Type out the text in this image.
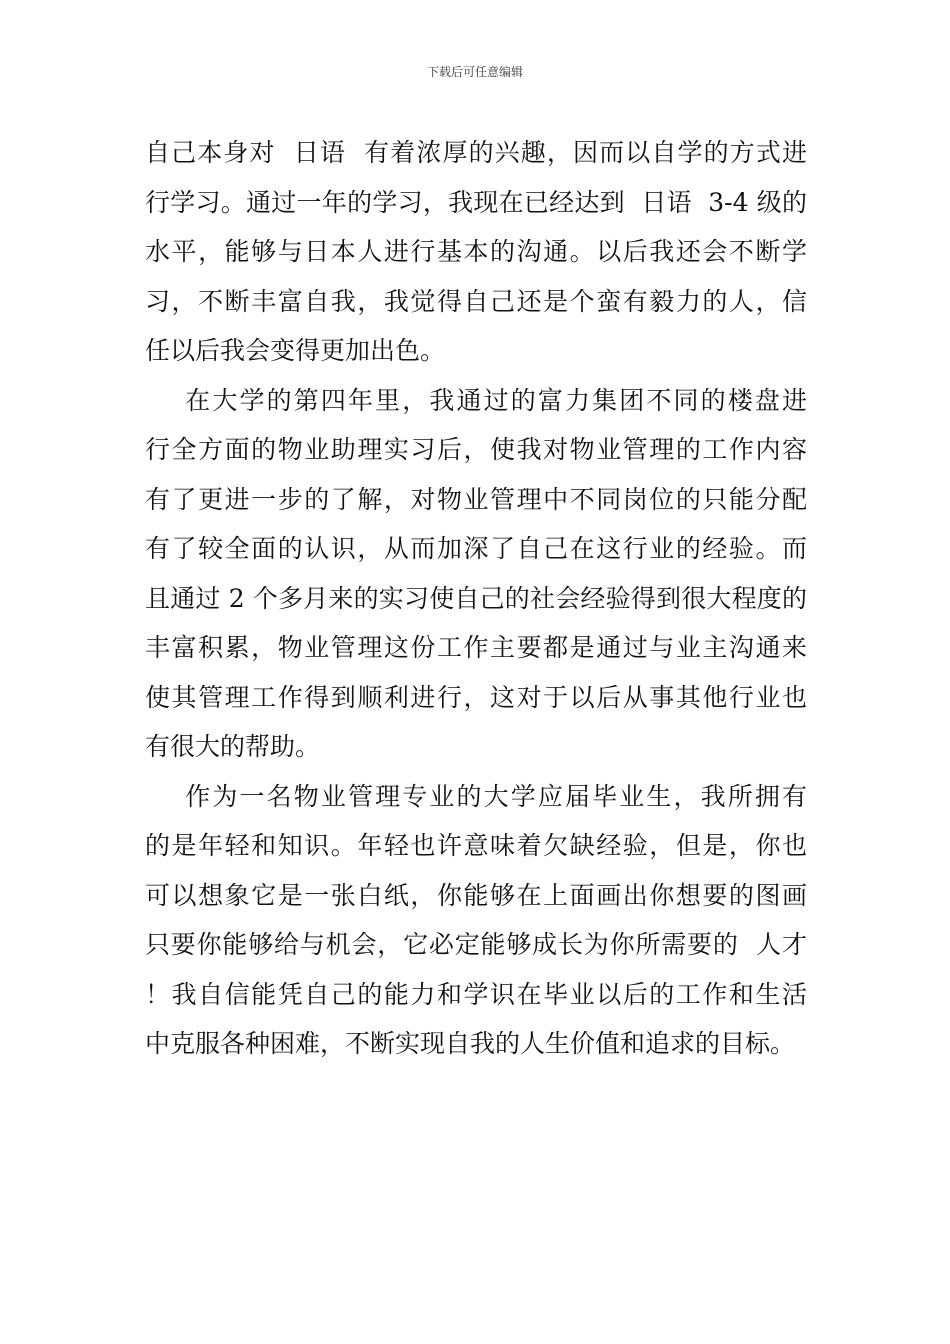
下载后可任意编辑
自己本身对  日语  有着浓厚的兴趣，因而以自学的方式进
行学习。通过一年的学习，我现在已经达到  日语  3-4 级的
水平，能够与日本人进行基本的沟通。以后我还会不断学
习，不断丰富自我，我觉得自己还是个蛮有毅力的人，信
任以后我会变得更加出色。
在大学的第四年里，我通过的富力集团不同的楼盘进
行全方面的物业助理实习后，使我对物业管理的工作内容
有了更进一步的了解，对物业管理中不同岗位的只能分配
有了较全面的认识，从而加深了自己在这行业的经验。而
且通过 2 个多月来的实习使自己的社会经验得到很大程度的
丰富积累，物业管理这份工作主要都是通过与业主沟通来
使其管理工作得到顺利进行，这对于以后从事其他行业也
有很大的帮助。
作为一名物业管理专业的大学应届毕业生，我所拥有
的是年轻和知识。年轻也许意味着欠缺经验，但是，你也
可以想象它是一张白纸，你能够在上面画出你想要的图画
只要你能够给与机会，它必定能够成长为你所需要的  人才
！我自信能凭自己的能力和学识在毕业以后的工作和生活
中克服各种困难，不断实现自我的人生价值和追求的目标。
